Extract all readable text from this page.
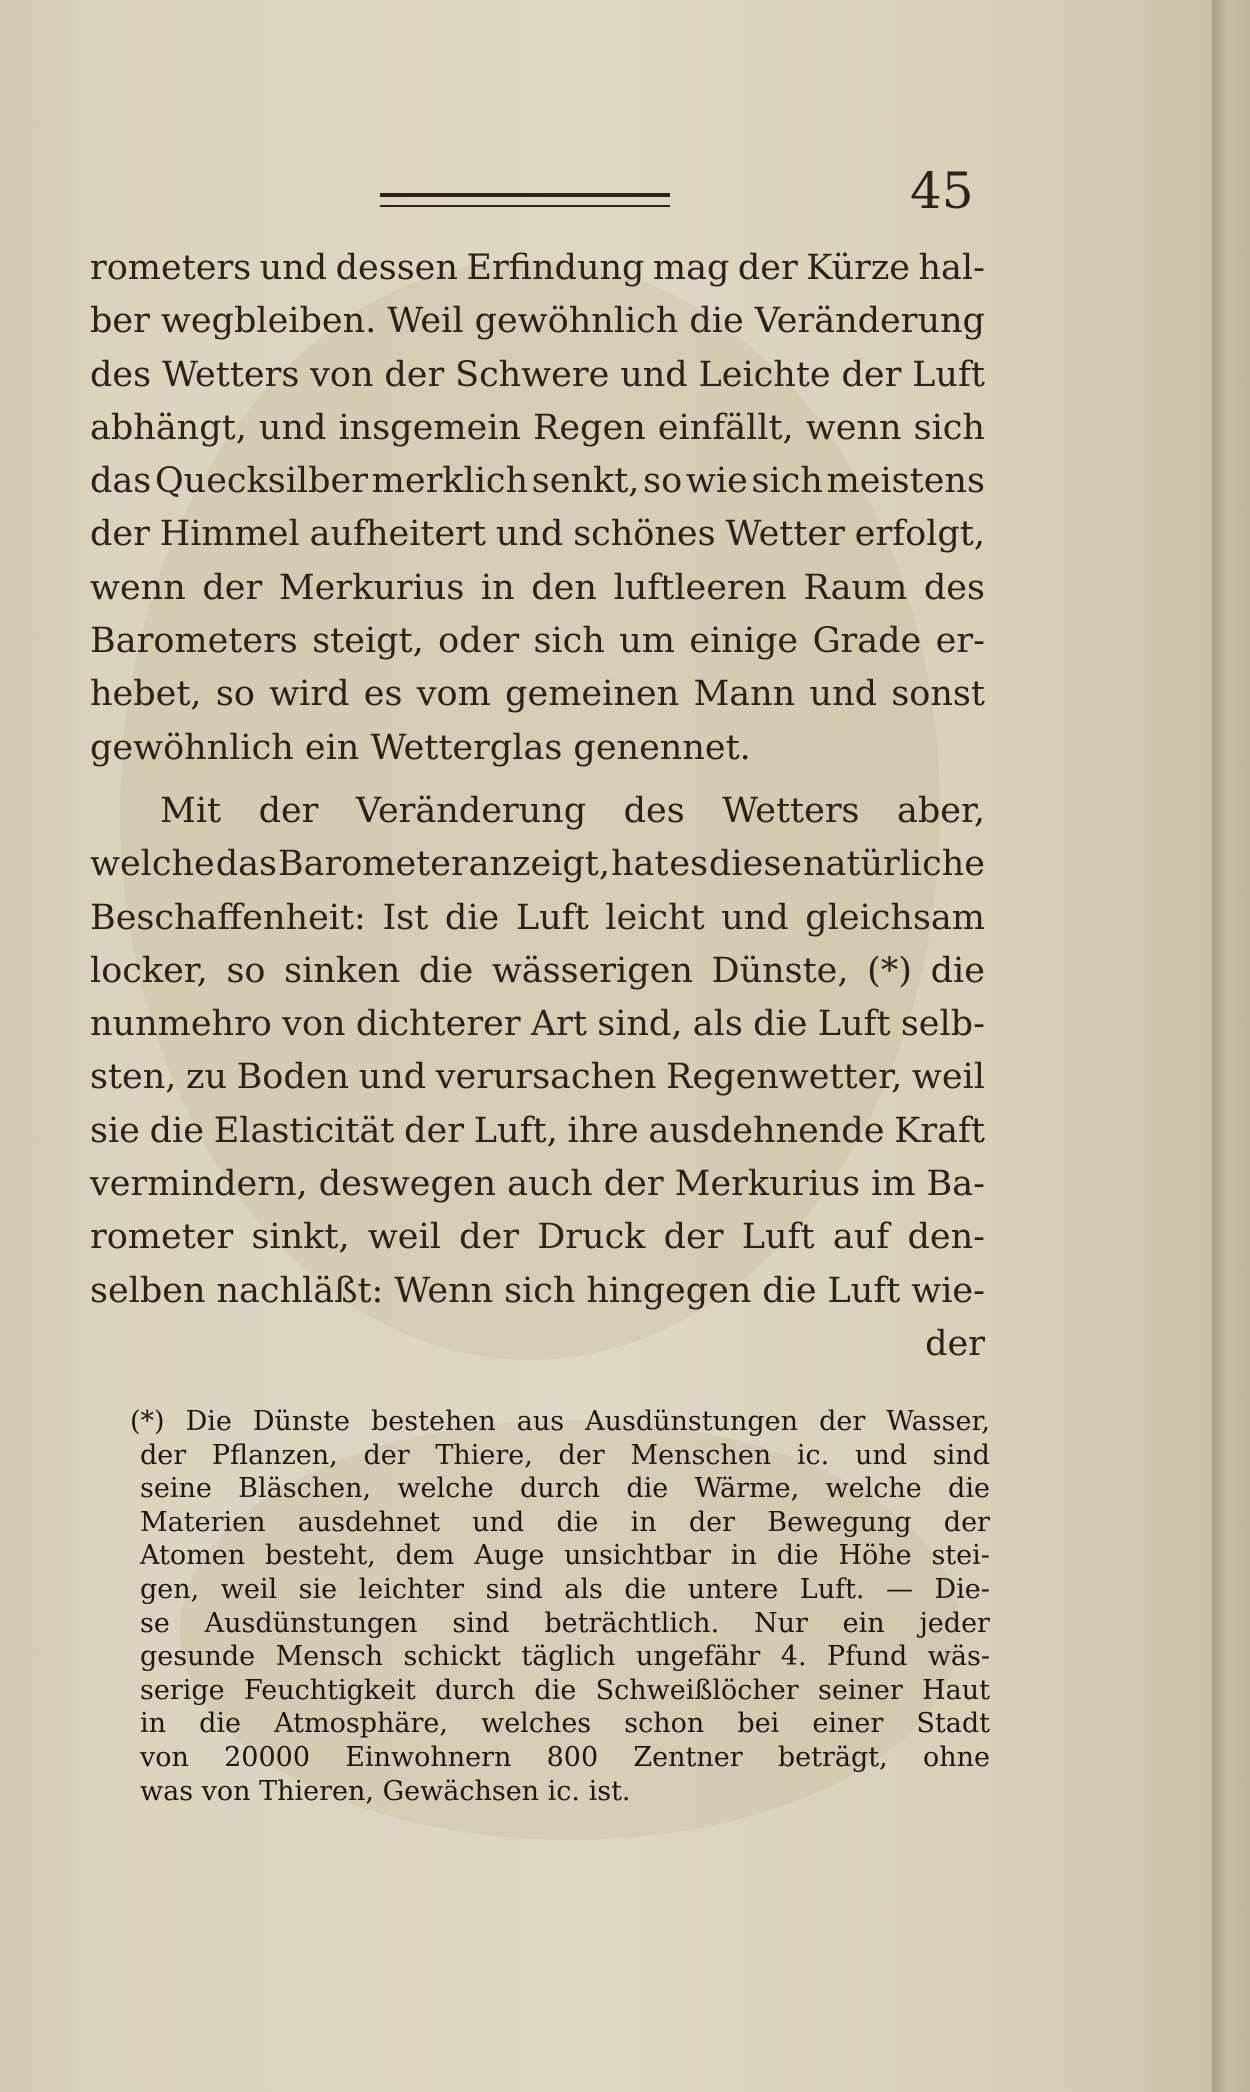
45
rometers und dessen Erfindung mag der Kürze hal-
ber wegbleiben. Weil gewöhnlich die Veränderung
des Wetters von der Schwere und Leichte der Luft
abhängt, und insgemein Regen einfällt, wenn sich
das Quecksilber merklich senkt, so wie sich meistens
der Himmel aufheitert und schönes Wetter erfolgt,
wenn der Merkurius in den luftleeren Raum des
Barometers steigt, oder sich um einige Grade er-
hebet, so wird es vom gemeinen Mann und sonst
gewöhnlich ein Wetterglas genennet.
Mit der Veränderung des Wetters aber,
welche das Barometer anzeigt, hat es diese natürliche
Beschaffenheit: Ist die Luft leicht und gleichsam
locker, so sinken die wässerigen Dünste, (*) die
nunmehro von dichterer Art sind, als die Luft selb-
sten, zu Boden und verursachen Regenwetter, weil
sie die Elasticität der Luft, ihre ausdehnende Kraft
vermindern, deswegen auch der Merkurius im Ba-
rometer sinkt, weil der Druck der Luft auf den-
selben nachläßt: Wenn sich hingegen die Luft wie-
der
(*) Die Dünste bestehen aus Ausdünstungen der Wasser,
der Pflanzen, der Thiere, der Menschen ic. und sind
seine Bläschen, welche durch die Wärme, welche die
Materien ausdehnet und die in der Bewegung der
Atomen besteht, dem Auge unsichtbar in die Höhe stei-
gen, weil sie leichter sind als die untere Luft. — Die-
se Ausdünstungen sind beträchtlich. Nur ein jeder
gesunde Mensch schickt täglich ungefähr 4. Pfund wäs-
serige Feuchtigkeit durch die Schweißlöcher seiner Haut
in die Atmosphäre, welches schon bei einer Stadt
von 20000 Einwohnern 800 Zentner beträgt, ohne
was von Thieren, Gewächsen ic. ist.
